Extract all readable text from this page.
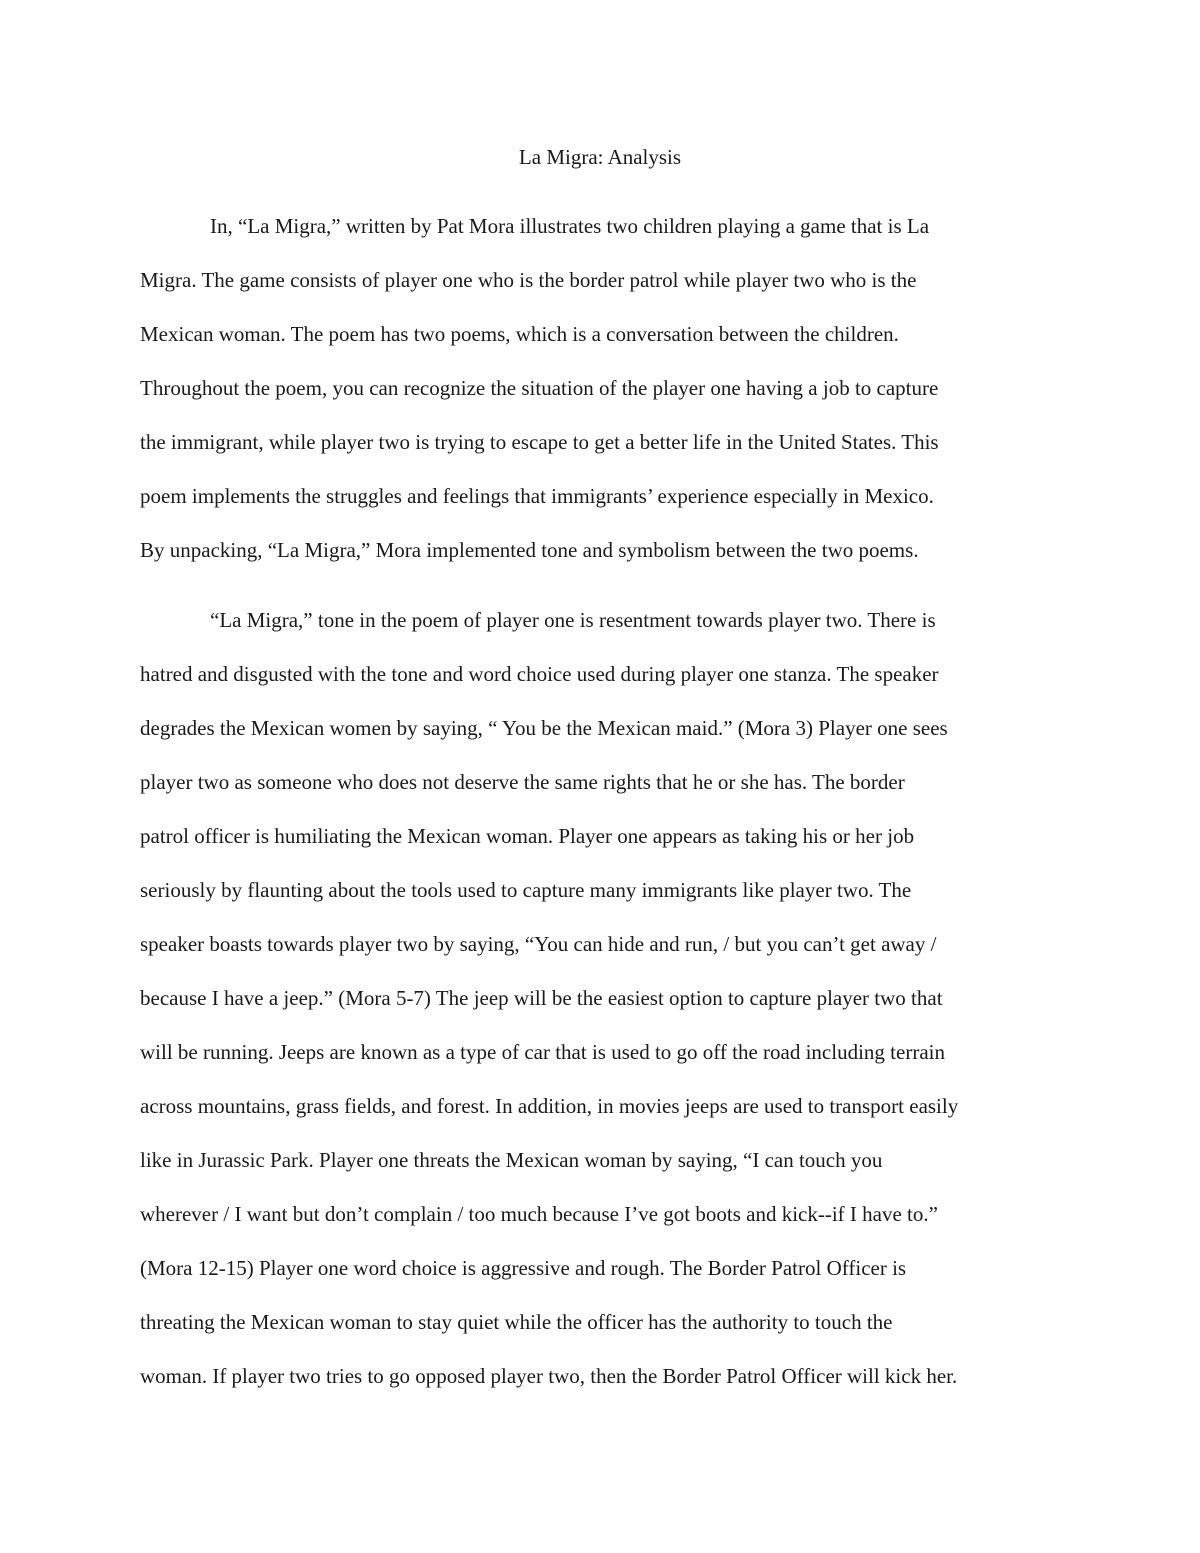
La Migra: Analysis
In, “La Migra,” written by Pat Mora illustrates two children playing a game that is La
Migra. The game consists of player one who is the border patrol while player two who is the
Mexican woman. The poem has two poems, which is a conversation between the children.
Throughout the poem, you can recognize the situation of the player one having a job to capture
the immigrant, while player two is trying to escape to get a better life in the United States. This
poem implements the struggles and feelings that immigrants’ experience especially in Mexico.
By unpacking, “La Migra,” Mora implemented tone and symbolism between the two poems.
“La Migra,” tone in the poem of player one is resentment towards player two. There is
hatred and disgusted with the tone and word choice used during player one stanza. The speaker
degrades the Mexican women by saying, “ You be the Mexican maid.” (Mora 3) Player one sees
player two as someone who does not deserve the same rights that he or she has. The border
patrol officer is humiliating the Mexican woman. Player one appears as taking his or her job
seriously by flaunting about the tools used to capture many immigrants like player two. The
speaker boasts towards player two by saying, “You can hide and run, / but you can’t get away /
because I have a jeep.” (Mora 5-7) The jeep will be the easiest option to capture player two that
will be running. Jeeps are known as a type of car that is used to go off the road including terrain
across mountains, grass fields, and forest. In addition, in movies jeeps are used to transport easily
like in Jurassic Park. Player one threats the Mexican woman by saying, “I can touch you
wherever / I want but don’t complain / too much because I’ve got boots and kick--if I have to.”
(Mora 12-15) Player one word choice is aggressive and rough. The Border Patrol Officer is
threating the Mexican woman to stay quiet while the officer has the authority to touch the
woman. If player two tries to go opposed player two, then the Border Patrol Officer will kick her.
